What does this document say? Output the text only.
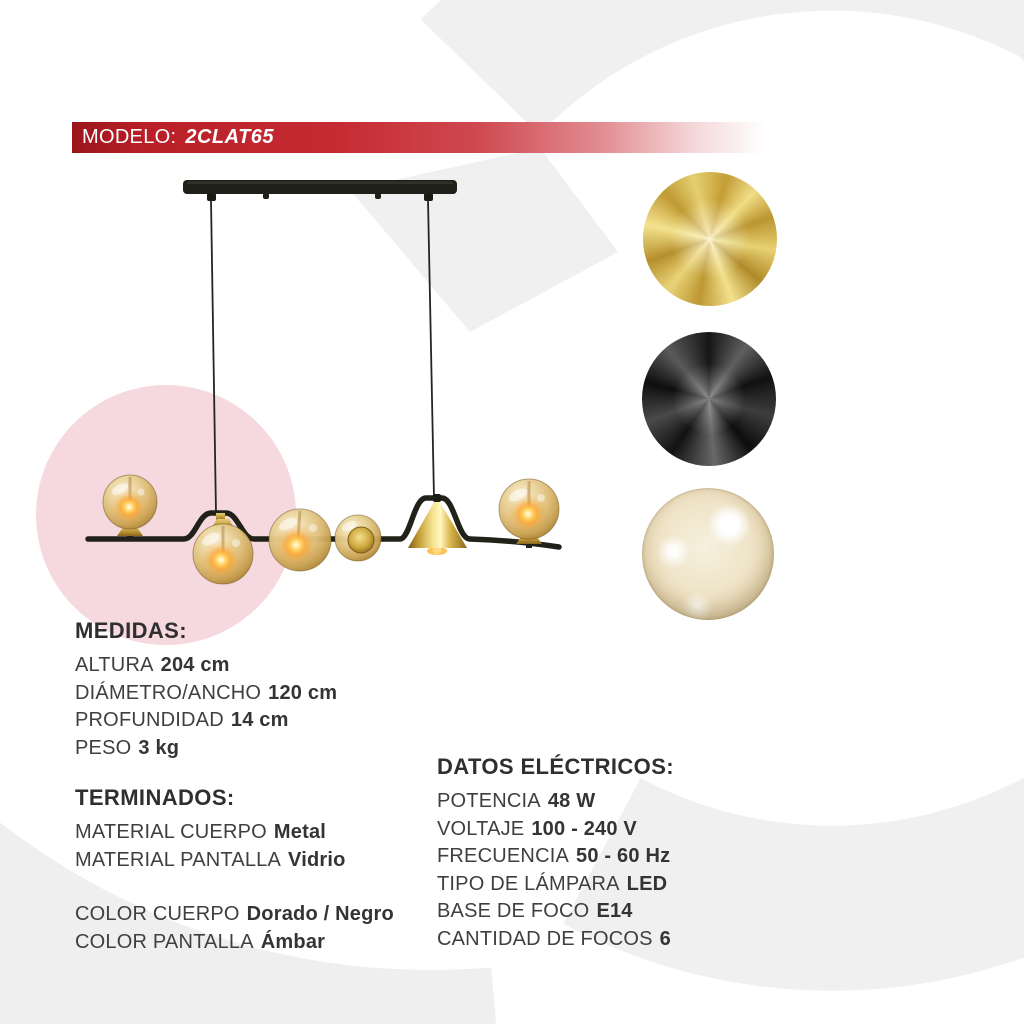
MODELO: 2CLAT65
MEDIDAS:
ALTURA 204 cm
DIÁMETRO/ANCHO 120 cm
PROFUNDIDAD 14 cm
PESO 3 kg
TERMINADOS:
MATERIAL CUERPO Metal
MATERIAL PANTALLA Vidrio
COLOR CUERPO Dorado / Negro
COLOR PANTALLA Ámbar
DATOS ELÉCTRICOS:
POTENCIA 48 W
VOLTAJE 100 - 240 V
FRECUENCIA 50 - 60 Hz
TIPO DE LÁMPARA LED
BASE DE FOCO E14
CANTIDAD DE FOCOS 6
